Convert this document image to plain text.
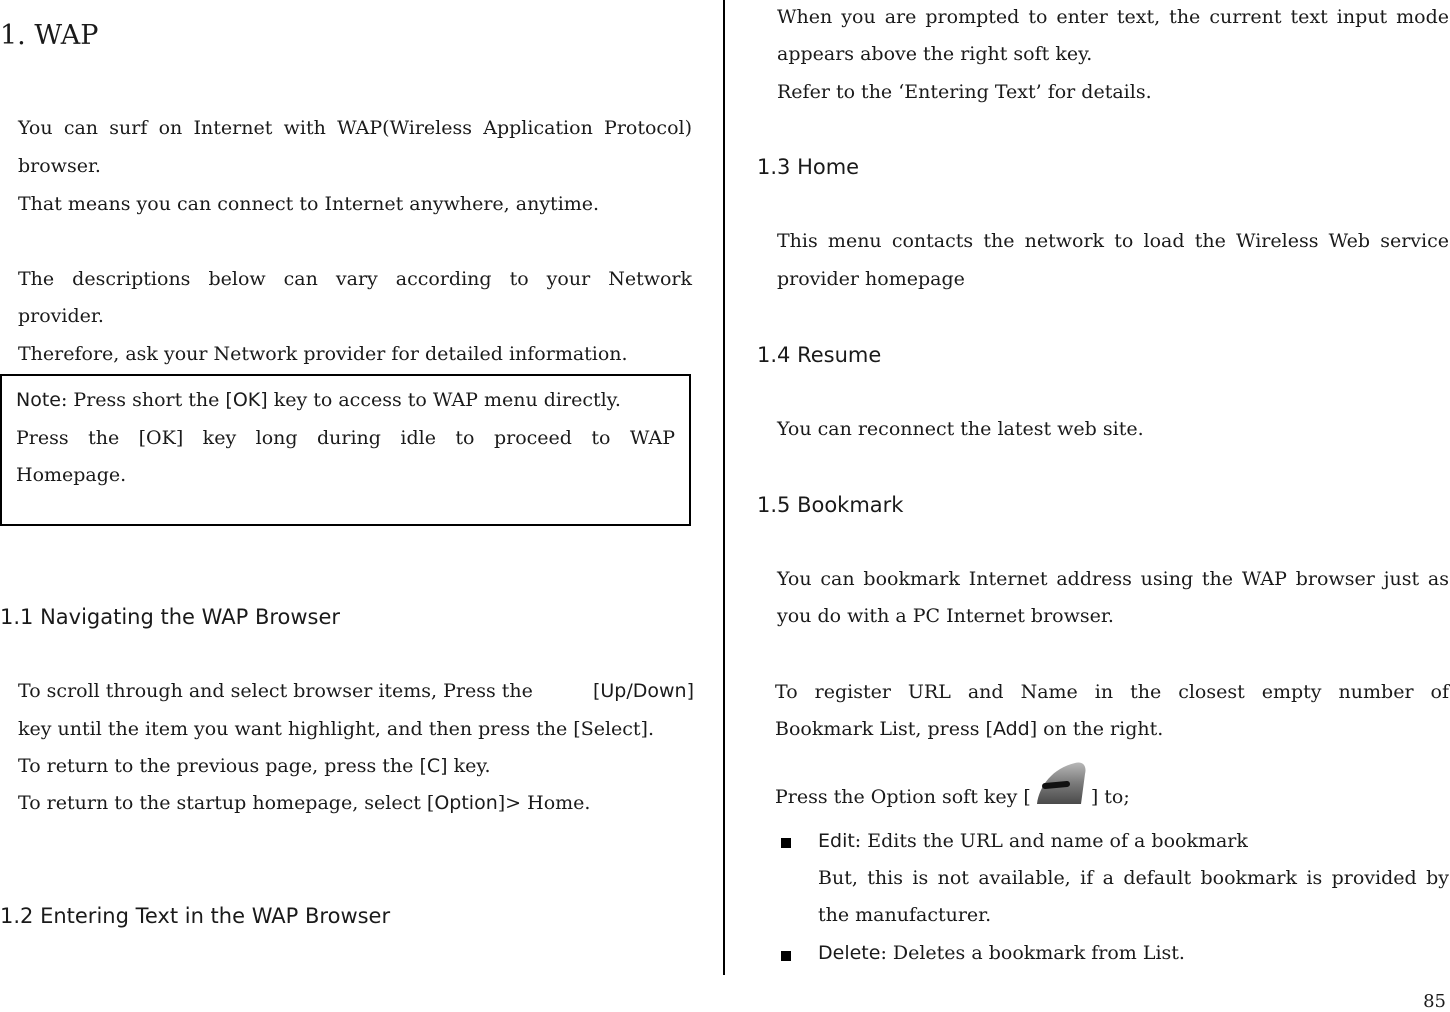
1. WAP
You can surf on Internet with WAP(Wireless Application Protocol)
browser.
That means you can connect to Internet anywhere, anytime.
The descriptions below can vary according to your Network
provider.
Therefore, ask your Network provider for detailed information.
Note: Press short the [OK] key to access to WAP menu directly.
Press the [OK] key long during idle to proceed to WAP
Homepage.
1.1 Navigating the WAP Browser
To scroll through and select browser items, Press the	[Up/Down]
key until the item you want highlight, and then press the [Select].
To return to the previous page, press the [C] key.
To return to the startup homepage, select [Option]> Home.
1.2 Entering Text in the WAP Browser
When you are prompted to enter text, the current text input mode
appears above the right soft key.
Refer to the ‘Entering Text’ for details.
1.3 Home
This menu contacts the network to load the Wireless Web service
provider homepage
1.4 Resume
You can reconnect the latest web site.
1.5 Bookmark
You can bookmark Internet address using the WAP browser just as
you do with a PC Internet browser.
To register URL and Name in the closest empty number of
Bookmark List, press [Add] on the right.
Press the Option soft key [	] to;
Edit: Edits the URL and name of a bookmark
But, this is not available, if a default bookmark is provided by
the manufacturer.
Delete: Deletes a bookmark from List.
85
